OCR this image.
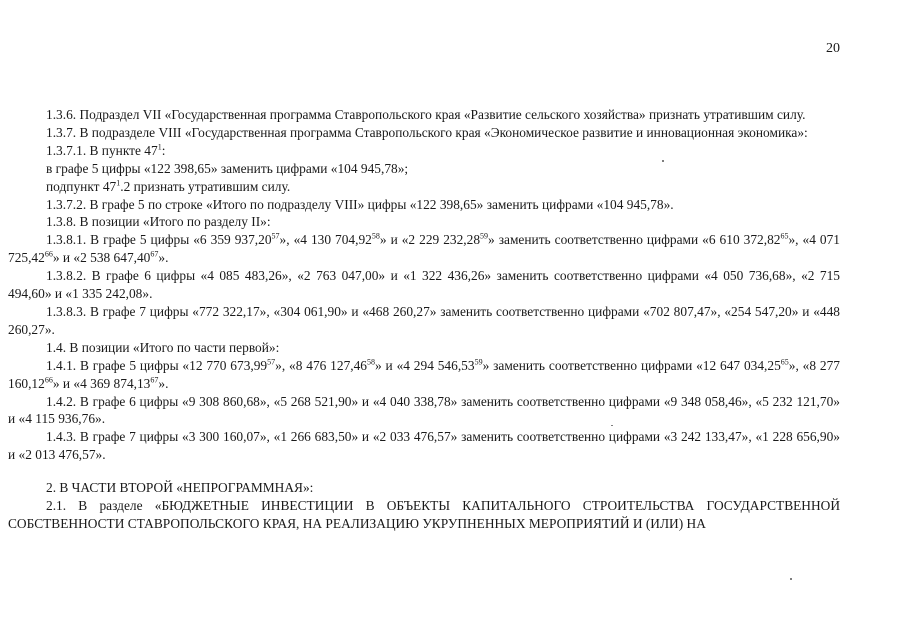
20

1.3.6. Подраздел VII «Государственная программа Ставропольского края «Развитие сельского хозяйства» признать утратившим силу.

1.3.7. В подразделе VIII «Государственная программа Ставропольского края «Экономическое развитие и инновационная экономика»:

1.3.7.1. В пункте $47^1$:

в графе 5 цифры «122 398,65» заменить цифрами «104 945,78»;

подпункт $47^1.2$ признать утратившим силу.

1.3.7.2. В графе 5 по строке «Итого по подразделу VIII» цифры «122 398,65» заменить цифрами «104 945,78».

1.3.8. В позиции «Итого по разделу II»:

1.3.8.1. В графе 5 цифры «6 359 937,20$^{57}$», «4 130 704,92$^{58}$» и «2 229 232,28$^{59}$» заменить соответственно цифрами «6 610 372,82$^{65}$», «4 071 725,42$^{66}$» и «2 538 647,40$^{67}$».

1.3.8.2. В графе 6 цифры «4 085 483,26», «2 763 047,00» и «1 322 436,26» заменить соответственно цифрами «4 050 736,68», «2 715 494,60» и «1 335 242,08».

1.3.8.3. В графе 7 цифры «772 322,17», «304 061,90» и «468 260,27» заменить соответственно цифрами «702 807,47», «254 547,20» и «448 260,27».

1.4. В позиции «Итого по части первой»:

1.4.1. В графе 5 цифры «12 770 673,99$^{57}$», «8 476 127,46$^{58}$» и «4 294 546,53$^{59}$» заменить соответственно цифрами «12 647 034,25$^{65}$», «8 277 160,12$^{66}$» и «4 369 874,13$^{67}$».

1.4.2. В графе 6 цифры «9 308 860,68», «5 268 521,90» и «4 040 338,78» заменить соответственно цифрами «9 348 058,46», «5 232 121,70» и «4 115 936,76».

1.4.3. В графе 7 цифры «3 300 160,07», «1 266 683,50» и «2 033 476,57» заменить соответственно цифрами «3 242 133,47», «1 228 656,90» и «2 013 476,57».

2. В ЧАСТИ ВТОРОЙ «НЕПРОГРАММНАЯ»:

2.1. В разделе «БЮДЖЕТНЫЕ ИНВЕСТИЦИИ В ОБЪЕКТЫ КАПИТАЛЬНОГО СТРОИТЕЛЬСТВА ГОСУДАРСТВЕННОЙ СОБСТВЕННОСТИ СТАВРОПОЛЬСКОГО КРАЯ, НА РЕАЛИЗАЦИЮ УКРУПНЕННЫХ МЕРОПРИЯТИЙ И (ИЛИ) НА
